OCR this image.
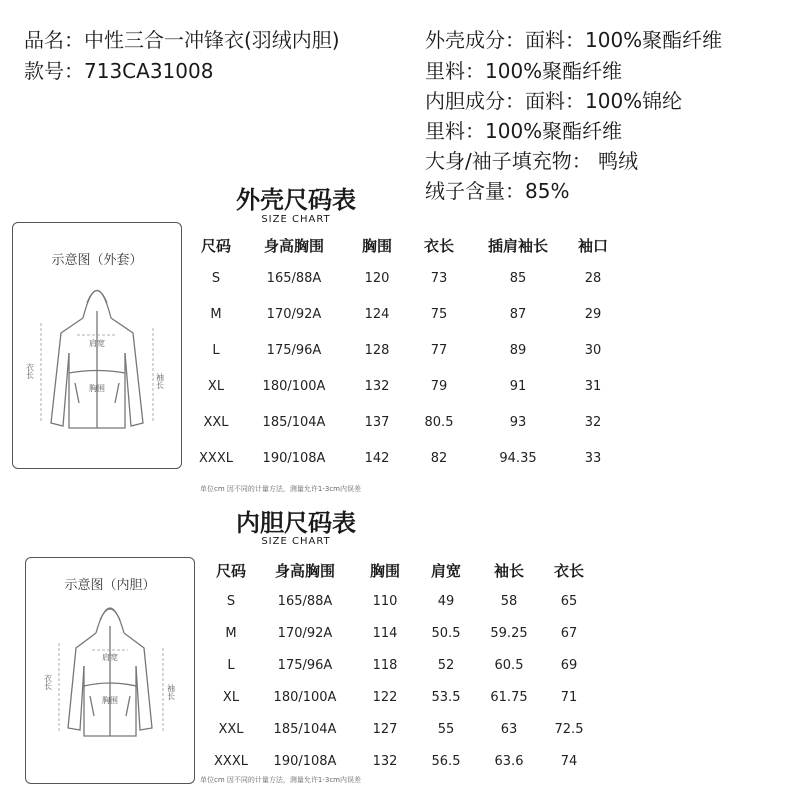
品名：中性三合一冲锋衣(羽绒内胆)
款号：713CA31008
外壳成分：面料：100%聚酯纤维
里料：100%聚酯纤维
内胆成分：面料：100%锦纶
里料：100%聚酯纤维
大身/袖子填充物： 鸭绒
绒子含量：85%
外壳尺码表
SIZE CHART
示意图（外套）
衣长
袖长
肩宽
胸围
尺码	身高胸围	胸围	衣长	插肩袖长	袖口
S	165/88A	120	73	85	28
M	170/92A	124	75	87	29
L	175/96A	128	77	89	30
XL	180/100A	132	79	91	31
XXL	185/104A	137	80.5	93	32
XXXL	190/108A	142	82	94.35	33
单位cm 因不同的计量方法，测量允许1-3cm内误差
内胆尺码表
SIZE CHART
示意图（内胆）
衣长
袖长
肩宽
胸围
尺码	身高胸围	胸围	肩宽	袖长	衣长
S	165/88A	110	49	58	65
M	170/92A	114	50.5	59.25	67
L	175/96A	118	52	60.5	69
XL	180/100A	122	53.5	61.75	71
XXL	185/104A	127	55	63	72.5
XXXL	190/108A	132	56.5	63.6	74
单位cm 因不同的计量方法，测量允许1-3cm内误差
